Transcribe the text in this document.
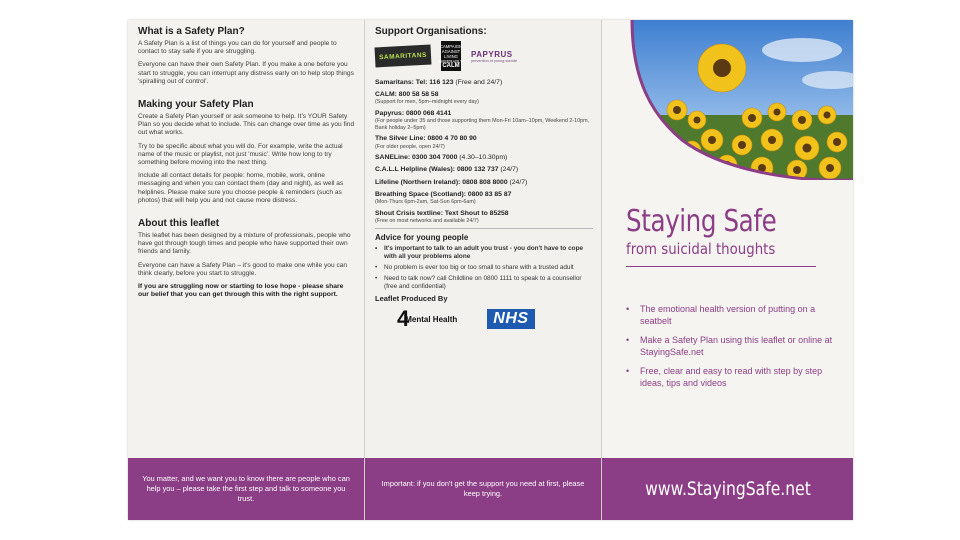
What is a Safety Plan?
A Safety Plan is a list of things you can do for yourself and people to contact to stay safe if you are struggling.
Everyone can have their own Safety Plan. If you make a one before you start to struggle, you can interrupt any distress early on to help stop things 'spiralling out of control'.
Making your Safety Plan
Create a Safety Plan yourself or ask someone to help. It's YOUR Safety Plan so you decide what to include. This can change over time as you find out what works.
Try to be specific about what you will do. For example, write the actual name of the music or playlist, not just 'music'. Write how long to try something before moving into the next thing.
Include all contact details for people: home, mobile, work, online messaging and when you can contact them (day and night), as well as helplines. Please make sure you choose people & reminders (such as photos) that will help you and not cause more distress.
About this leaflet
This leaflet has been designed by a mixture of professionals, people who have got through tough times and people who have supported their own friends and family.
Everyone can have a Safety Plan – it's good to make one while you can think clearly, before you start to struggle.
If you are struggling now or starting to lose hope - please share our belief that you can get through this with the right support.
You matter, and we want you to know there are people who can help you – please take the first step and talk to someone you trust.
Support Organisations:
SAMARITANS
CAMPAIGN AGAINST LIVING MISERABLY
CALM
PAPYRUS
prevention of young suicide
Samaritans: Tel: 116 123 (Free and 24/7)
CALM: 800 58 58 58
(Support for men, 5pm–midnight every day)
Papyrus: 0800 068 4141
(For people under 35 and those supporting them Mon-Fri 10am–10pm, Weekend 2-10pm, Bank holiday 2–5pm)
The Silver Line: 0800 4 70 80 90
(For older people, open 24/7)
SANELine: 0300 304 7000 (4.30–10.30pm)
C.A.L.L Helpline (Wales): 0800 132 737 (24/7)
Lifeline (Northern Ireland): 0808 808 8000 (24/7)
Breathing Space (Scotland): 0800 83 85 87
(Mon-Thurs 6pm-2am, Sat-Sun 6pm-6am)
Shout Crisis textline: Text Shout to 85258
(Free on most networks and available 24/7)
Advice for young people
• It's important to talk to an adult you trust - you don't have to cope with all your problems alone
• No problem is ever too big or too small to share with a trusted adult
• Need to talk now? call Childline on 0800 1111 to speak to a counsellor (free and confidential)
Leaflet Produced By
4
Mental Health	NHS
Important: if you don't get the support you need at first, please keep trying.
Staying Safe
from suicidal thoughts
• The emotional health version of putting on a seatbelt
• Make a Safety Plan using this leaflet or online at StayingSafe.net
• Free, clear and easy to read with step by step ideas, tips and videos
www.StayingSafe.net
